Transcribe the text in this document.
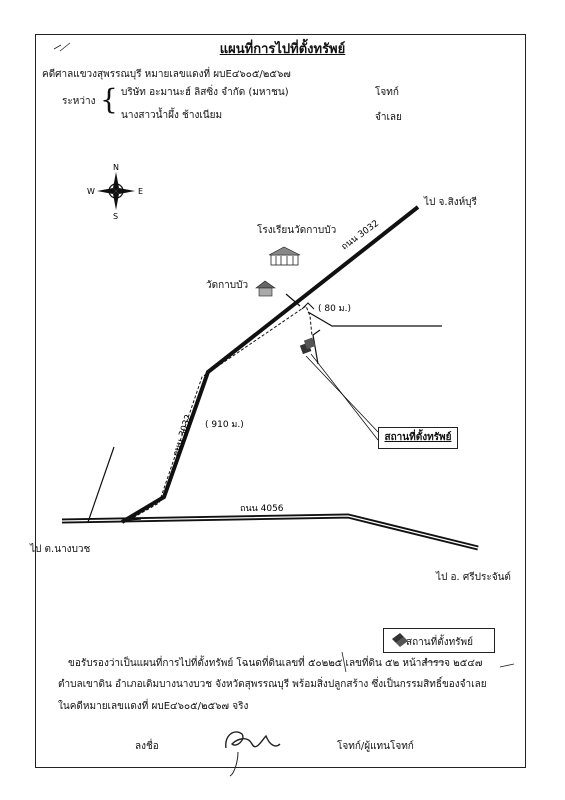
แผนที่การไปที่ตั้งทรัพย์
คดีศาลแขวงสุพรรณบุรี หมายเลขแดงที่ ผบE๔๖๐๕/๒๕๖๗
ระหว่าง { บริษัท อะมานะฮ์ ลิสซิ่ง จำกัด (มหาชน)	โจทก์
นางสาวน้ำผึ้ง ช้างเนียม	จำเลย
N
S
W	E
ถนน 3032
ถนน 3032
ถนน 4056
( 80 ม.)
( 910 ม.)
โรงเรียนวัดกาบบัว
วัดกาบบัว
ไป จ.สิงห์บุรี
ไป ต.นางบวช
ไป อ. ศรีประจันต์
สถานที่ตั้งทรัพย์
สถานที่ตั้งทรัพย์
ขอรับรองว่าเป็นแผนที่การไปที่ตั้งทรัพย์ โฉนดที่ดินเลขที่ ๕๐๒๒๕ เลขที่ดิน ๕๒ หน้าสำรวจ ๒๕๔๗
ตำบลเขาดิน อำเภอเดิมบางนางบวช จังหวัดสุพรรณบุรี พร้อมสิ่งปลูกสร้าง ซึ่งเป็นกรรมสิทธิ์ของจำเลย
ในคดีหมายเลขแดงที่ ผบE๔๖๐๕/๒๕๖๗ จริง
ลงชื่อ	โจทก์/ผู้แทนโจทก์
